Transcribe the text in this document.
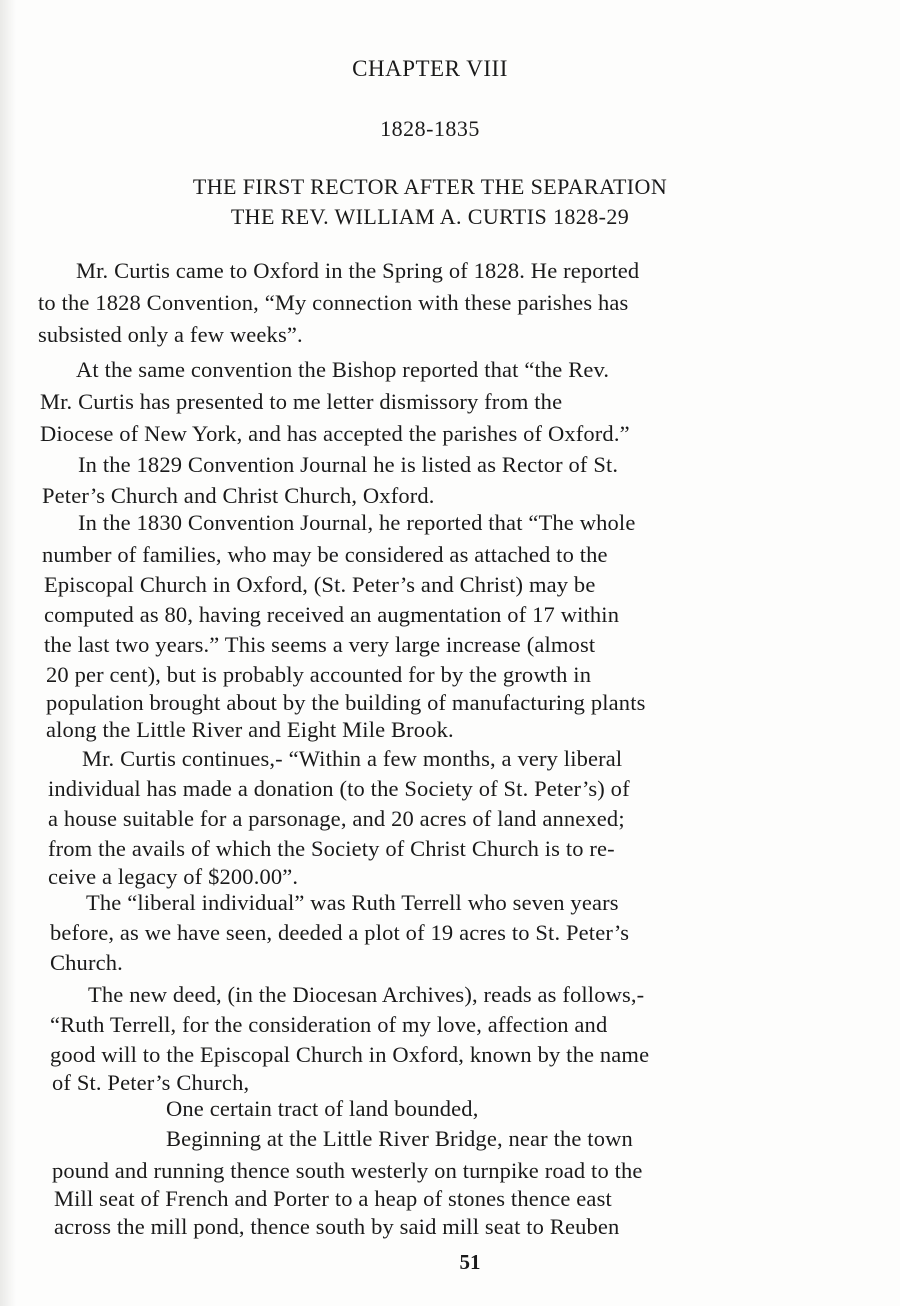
CHAPTER VIII
1828-1835
THE FIRST RECTOR AFTER THE SEPARATION
THE REV. WILLIAM A. CURTIS 1828-29
Mr. Curtis came to Oxford in the Spring of 1828. He reported
to the 1828 Convention, “My connection with these parishes has
subsisted only a few weeks”.
At the same convention the Bishop reported that “the Rev.
Mr. Curtis has presented to me letter dismissory from the
Diocese of New York, and has accepted the parishes of Oxford.”
In the 1829 Convention Journal he is listed as Rector of St.
Peter’s Church and Christ Church, Oxford.
In the 1830 Convention Journal, he reported that “The whole
number of families, who may be considered as attached to the
Episcopal Church in Oxford, (St. Peter’s and Christ) may be
computed as 80, having received an augmentation of 17 within
the last two years.” This seems a very large increase (almost
20 per cent), but is probably accounted for by the growth in
population brought about by the building of manufacturing plants
along the Little River and Eight Mile Brook.
Mr. Curtis continues,- “Within a few months, a very liberal
individual has made a donation (to the Society of St. Peter’s) of
a house suitable for a parsonage, and 20 acres of land annexed;
from the avails of which the Society of Christ Church is to re-
ceive a legacy of $200.00”.
The “liberal individual” was Ruth Terrell who seven years
before, as we have seen, deeded a plot of 19 acres to St. Peter’s
Church.
The new deed, (in the Diocesan Archives), reads as follows,-
“Ruth Terrell, for the consideration of my love, affection and
good will to the Episcopal Church in Oxford, known by the name
of St. Peter’s Church,
One certain tract of land bounded,
Beginning at the Little River Bridge, near the town
pound and running thence south westerly on turnpike road to the
Mill seat of French and Porter to a heap of stones thence east
across the mill pond, thence south by said mill seat to Reuben
51
